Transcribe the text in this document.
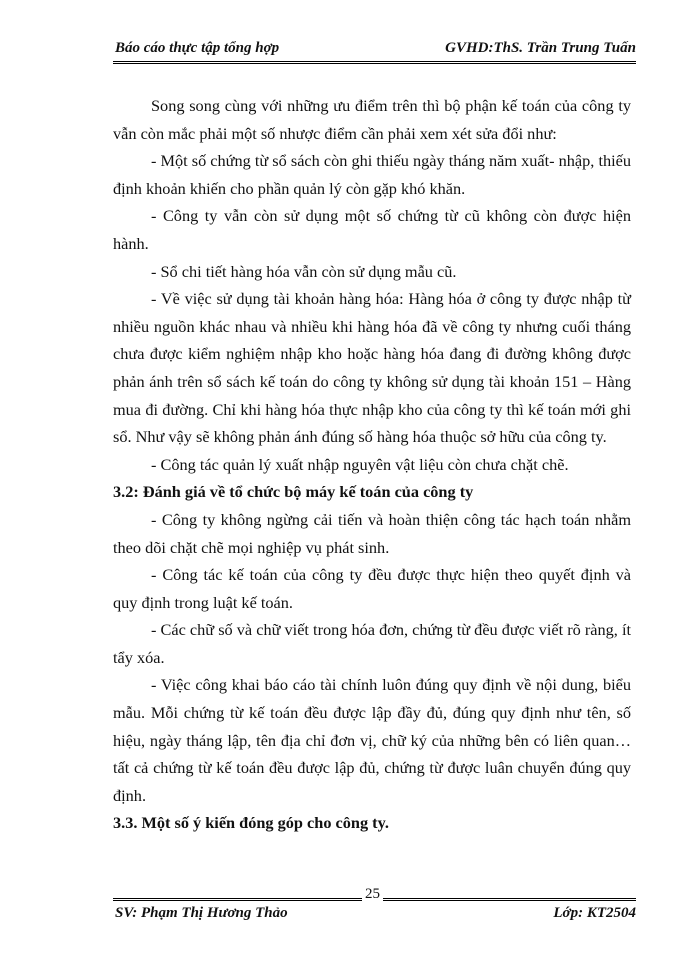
Báo cáo thực tập tổng hợp	GVHD:ThS. Trần Trung Tuấn

Song song cùng với những ưu điểm trên thì bộ phận kế toán của công ty vẫn còn mắc phải một số nhược điểm cần phải xem xét sửa đổi như:

- Một số chứng từ sổ sách còn ghi thiếu ngày tháng năm xuất- nhập, thiếu định khoản khiến cho phần quản lý còn gặp khó khăn.

- Công ty vẫn còn sử dụng một số chứng từ cũ không còn được hiện hành.

- Sổ chi tiết hàng hóa vẫn còn sử dụng mẫu cũ.

- Về việc sử dụng tài khoản hàng hóa: Hàng hóa ở công ty được nhập từ nhiều nguồn khác nhau và nhiều khi hàng hóa đã về công ty nhưng cuối tháng chưa được kiểm nghiệm nhập kho hoặc hàng hóa đang đi đường không được phản ánh trên sổ sách kế toán do công ty không sử dụng tài khoản 151 – Hàng mua đi đường. Chỉ khi hàng hóa thực nhập kho của công ty thì kế toán mới ghi sổ. Như vậy sẽ không phản ánh đúng số hàng hóa thuộc sở hữu của công ty.

- Công tác quản lý xuất nhập nguyên vật liệu còn chưa chặt chẽ.

3.2: Đánh giá về tổ chức bộ máy kế toán của công ty

- Công ty không ngừng cải tiến và hoàn thiện công tác hạch toán nhằm theo dõi chặt chẽ mọi nghiệp vụ phát sinh.

- Công tác kế toán của công ty đều được thực hiện theo quyết định và quy định trong luật kế toán.

- Các chữ số và chữ viết trong hóa đơn, chứng từ đều được viết rõ ràng, ít tẩy xóa.

- Việc công khai báo cáo tài chính luôn đúng quy định về nội dung, biểu mẫu. Mỗi chứng từ kế toán đều được lập đầy đủ, đúng quy định như tên, số hiệu, ngày tháng lập, tên địa chỉ đơn vị, chữ ký của những bên có liên quan…tất cả chứng từ kế toán đều được lập đủ, chứng từ được luân chuyển đúng quy định.

3.3. Một số ý kiến đóng góp cho công ty.

SV: Phạm Thị Hương Thảo	Lớp: KT2504
25
